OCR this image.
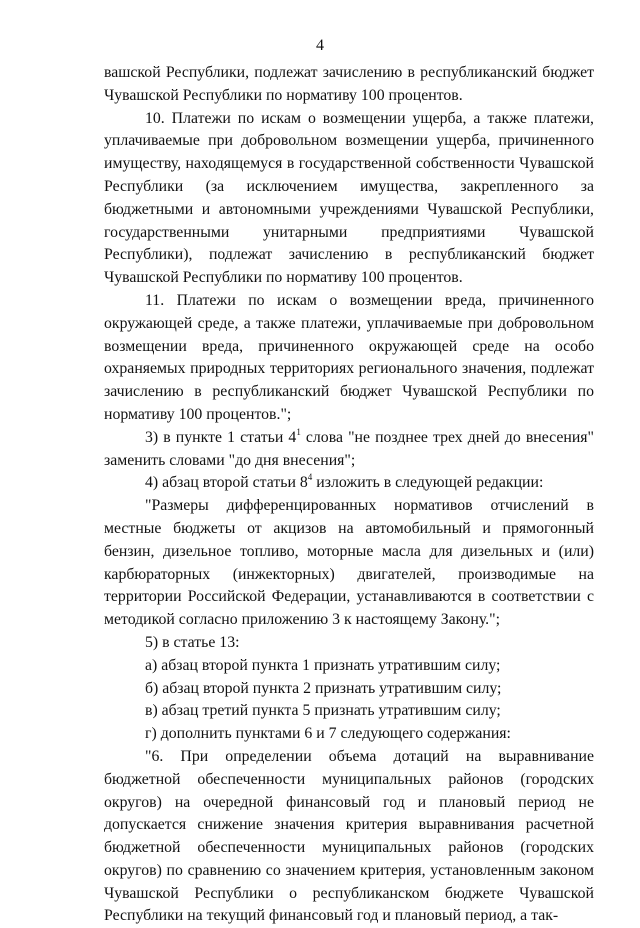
4

вашской Республики, подлежат зачислению в республиканский бюджет Чувашской Республики по нормативу 100 процентов.

10. Платежи по искам о возмещении ущерба, а также платежи, уплачиваемые при добровольном возмещении ущерба, причиненного имуществу, находящемуся в государственной собственности Чувашской Республики (за исключением имущества, закрепленного за бюджетными и автономными учреждениями Чувашской Республики, государственными унитарными предприятиями Чувашской Республики), подлежат зачислению в республиканский бюджет Чувашской Республики по нормативу 100 процентов.

11. Платежи по искам о возмещении вреда, причиненного окружающей среде, а также платежи, уплачиваемые при добровольном возмещении вреда, причиненного окружающей среде на особо охраняемых природных территориях регионального значения, подлежат зачислению в республиканский бюджет Чувашской Республики по нормативу 100 процентов.";

3) в пункте 1 статьи $4^1$ слова "не позднее трех дней до внесения" заменить словами "до дня внесения";

4) абзац второй статьи $8^4$ изложить в следующей редакции:

"Размеры дифференцированных нормативов отчислений в местные бюджеты от акцизов на автомобильный и прямогонный бензин, дизельное топливо, моторные масла для дизельных и (или) карбюраторных (инжекторных) двигателей, производимые на территории Российской Федерации, устанавливаются в соответствии с методикой согласно приложению 3 к настоящему Закону.";

5) в статье 13:

а) абзац второй пункта 1 признать утратившим силу;

б) абзац второй пункта 2 признать утратившим силу;

в) абзац третий пункта 5 признать утратившим силу;

г) дополнить пунктами 6 и 7 следующего содержания:

"6. При определении объема дотаций на выравнивание бюджетной обеспеченности муниципальных районов (городских округов) на очередной финансовый год и плановый период не допускается снижение значения критерия выравнивания расчетной бюджетной обеспеченности муниципальных районов (городских округов) по сравнению со значением критерия, установленным законом Чувашской Республики о республиканском бюджете Чувашской Республики на текущий финансовый год и плановый период, а так-
